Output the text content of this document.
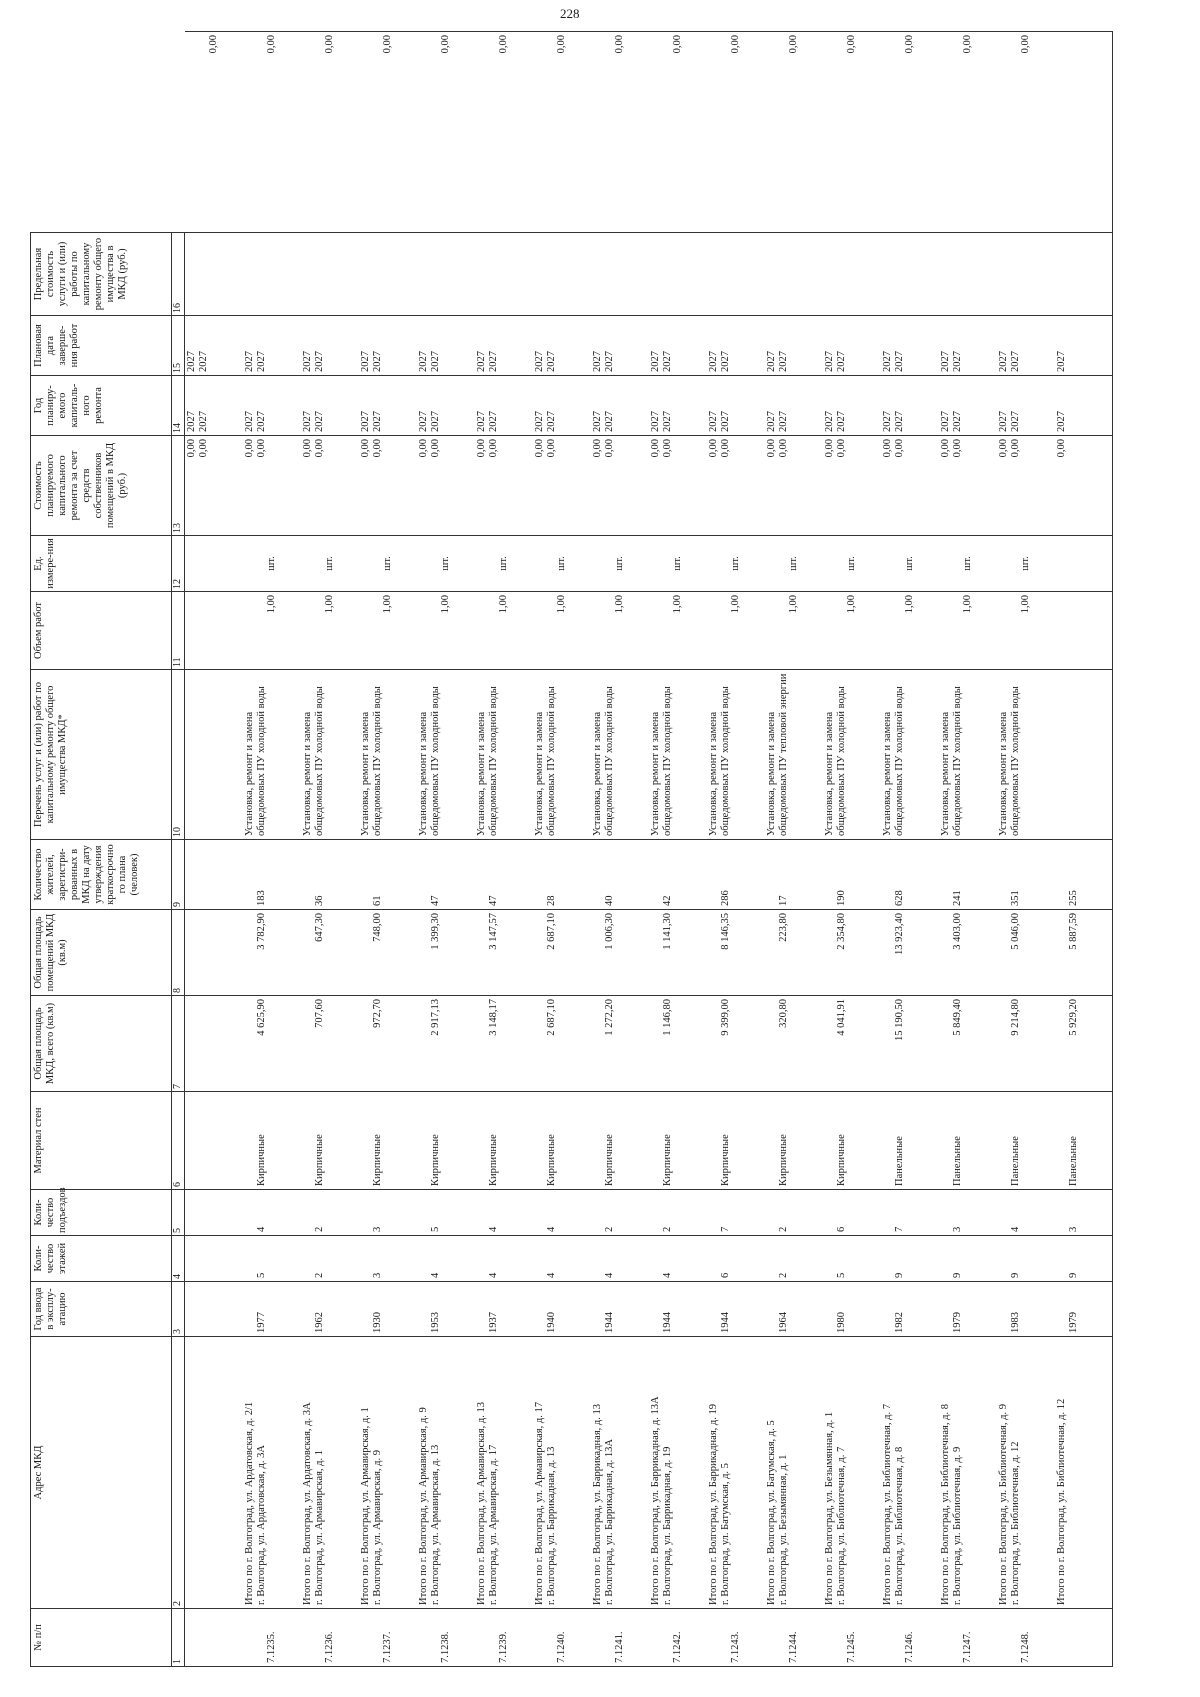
228
№ п/п	Адрес МКД	Год ввода в эксплу-атацию	Коли-чество этажей	Коли-чество подъездов	Материал стен	Общая площадь МКД, всего (кв.м)	Общая площадь помещений МКД (кв.м)	Количество жителей, зарегистри-рованных в МКД на дату утверждения краткосрочно го плана (человек)	Перечень услуг и (или) работ по капитальному ремонту общего имущества МКД*	Объем работ	Ед. измере-ния	Стоимость планируемого капитального ремонта за счет средств собственников помещений в МКД (руб.)	Год планиру-емого капиталь-ного ремонта	Плановая дата заверше-ния работ	Предельная стоимость услуги и (или) работы по капитальному ремонту общего имущества в МКД (руб.)	
1	2	3	4	5	6	7	8	9	10	11	12	13	14	15	16	

												0,00 0,00	2027 2027	2027 2027		0,00
7.1235.	Итого по г. Волгоград, ул. Ардатовская, д. 2/1 г. Волгоград, ул. Ардатовская, д. 3А	1977	5	4	Кирпичные	4 625,90	3 782,90	183	Установка, ремонт и замена общедомовых ПУ холодной воды	1,00	шт.	0,00 0,00	2027 2027	2027 2027		0,00
7.1236.	Итого по г. Волгоград, ул. Ардатовская, д. 3А г. Волгоград, ул. Армавирская, д. 1	1962	2	2	Кирпичные	707,60	647,30	36	Установка, ремонт и замена общедомовых ПУ холодной воды	1,00	шт.	0,00 0,00	2027 2027	2027 2027		0,00
7.1237.	Итого по г. Волгоград, ул. Армавирская, д. 1 г. Волгоград, ул. Армавирская, д. 9	1930	3	3	Кирпичные	972,70	748,00	61	Установка, ремонт и замена общедомовых ПУ холодной воды	1,00	шт.	0,00 0,00	2027 2027	2027 2027		0,00
7.1238.	Итого по г. Волгоград, ул. Армавирская, д. 9 г. Волгоград, ул. Армавирская, д. 13	1953	4	5	Кирпичные	2 917,13	1 399,30	47	Установка, ремонт и замена общедомовых ПУ холодной воды	1,00	шт.	0,00 0,00	2027 2027	2027 2027		0,00
7.1239.	Итого по г. Волгоград, ул. Армавирская, д. 13 г. Волгоград, ул. Армавирская, д. 17	1937	4	4	Кирпичные	3 148,17	3 147,57	47	Установка, ремонт и замена общедомовых ПУ холодной воды	1,00	шт.	0,00 0,00	2027 2027	2027 2027		0,00
7.1240.	Итого по г. Волгоград, ул. Армавирская, д. 17 г. Волгоград, ул. Баррикадная, д. 13	1940	4	4	Кирпичные	2 687,10	2 687,10	28	Установка, ремонт и замена общедомовых ПУ холодной воды	1,00	шт.	0,00 0,00	2027 2027	2027 2027		0,00
7.1241.	Итого по г. Волгоград, ул. Баррикадная, д. 13 г. Волгоград, ул. Баррикадная, д. 13А	1944	4	2	Кирпичные	1 272,20	1 006,30	40	Установка, ремонт и замена общедомовых ПУ холодной воды	1,00	шт.	0,00 0,00	2027 2027	2027 2027		0,00
7.1242.	Итого по г. Волгоград, ул. Баррикадная, д. 13А г. Волгоград, ул. Баррикадная, д. 19	1944	4	2	Кирпичные	1 146,80	1 141,30	42	Установка, ремонт и замена общедомовых ПУ холодной воды	1,00	шт.	0,00 0,00	2027 2027	2027 2027		0,00
7.1243.	Итого по г. Волгоград, ул. Баррикадная, д. 19 г. Волгоград, ул. Батумская, д. 5	1944	6	7	Кирпичные	9 399,00	8 146,35	286	Установка, ремонт и замена общедомовых ПУ холодной воды	1,00	шт.	0,00 0,00	2027 2027	2027 2027		0,00
7.1244.	Итого по г. Волгоград, ул. Батумская, д. 5 г. Волгоград, ул. Безымянная, д. 1	1964	2	2	Кирпичные	320,80	223,80	17	Установка, ремонт и замена общедомовых ПУ тепловой энергии	1,00	шт.	0,00 0,00	2027 2027	2027 2027		0,00
7.1245.	Итого по г. Волгоград, ул. Безымянная, д. 1 г. Волгоград, ул. Библиотечная, д. 7	1980	5	6	Кирпичные	4 041,91	2 354,80	190	Установка, ремонт и замена общедомовых ПУ холодной воды	1,00	шт.	0,00 0,00	2027 2027	2027 2027		0,00
7.1246.	Итого по г. Волгоград, ул. Библиотечная, д. 7 г. Волгоград, ул. Библиотечная, д. 8	1982	9	7	Панельные	15 190,50	13 923,40	628	Установка, ремонт и замена общедомовых ПУ холодной воды	1,00	шт.	0,00 0,00	2027 2027	2027 2027		0,00
7.1247.	Итого по г. Волгоград, ул. Библиотечная, д. 8 г. Волгоград, ул. Библиотечная, д. 9	1979	9	3	Панельные	5 849,40	3 403,00	241	Установка, ремонт и замена общедомовых ПУ холодной воды	1,00	шт.	0,00 0,00	2027 2027	2027 2027		0,00
7.1248.	Итого по г. Волгоград, ул. Библиотечная, д. 9 г. Волгоград, ул. Библиотечная, д. 12	1983	9	4	Панельные	9 214,80	5 046,00	351	Установка, ремонт и замена общедомовых ПУ холодной воды	1,00	шт.	0,00 0,00	2027 2027	2027 2027		0,00

	Итого по г. Волгоград, ул. Библиотечная, д. 12	1979	9	3	Панельные	5 929,20	5 887,59	255				0,00	2027	2027		
